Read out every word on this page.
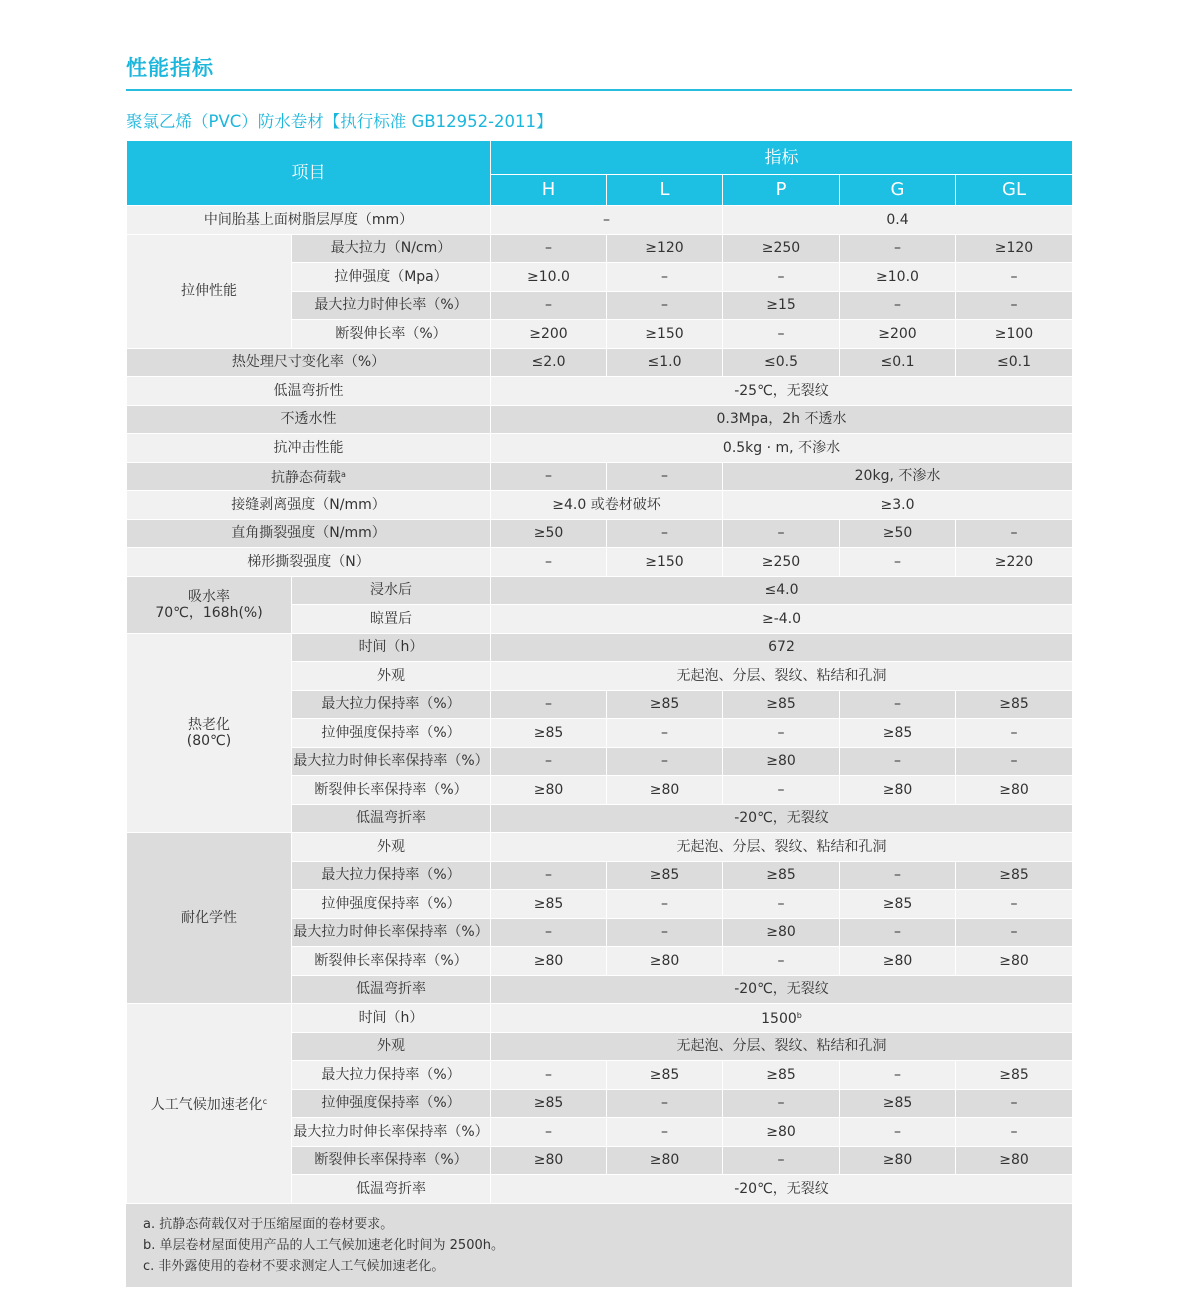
性能指标
聚氯乙烯（PVC）防水卷材【执行标准 GB12952-2011】
项目		指标				
		H	L	P	G	GL
中间胎基上面树脂层厚度（mm）		–		0.4		
拉伸性能	最大拉力（N/cm）	–	≥120	≥250	–	≥120
	拉伸强度（Mpa）	≥10.0	–	–	≥10.0	–
	最大拉力时伸长率（%）	–	–	≥15	–	–
	断裂伸长率（%）	≥200	≥150	–	≥200	≥100
热处理尺寸变化率（%）		≤2.0	≤1.0	≤0.5	≤0.1	≤0.1
低温弯折性		-25℃，无裂纹				
不透水性		0.3Mpa，2h 不透水				
抗冲击性能		0.5kg · m, 不渗水				
抗静态荷载$^a$		–	–	20kg, 不渗水		
接缝剥离强度（N/mm）		≥4.0 或卷材破坏		≥3.0		
直角撕裂强度（N/mm）		≥50	–	–	≥50	–
梯形撕裂强度（N）		–	≥150	≥250	–	≥220

吸水率
70℃，168h(%)	浸水后	≤4.0				
	晾置后	≥-4.0				

热老化
(80℃)	时间（h）	672				
	外观	无起泡、分层、裂纹、粘结和孔洞				
	最大拉力保持率（%）	–	≥85	≥85	–	≥85
	拉伸强度保持率（%）	≥85	–	–	≥85	–
	最大拉力时伸长率保持率（%）	–	–	≥80	–	–
	断裂伸长率保持率（%）	≥80	≥80	–	≥80	≥80
	低温弯折率	-20℃，无裂纹				
耐化学性	外观	无起泡、分层、裂纹、粘结和孔洞				
	最大拉力保持率（%）	–	≥85	≥85	–	≥85
	拉伸强度保持率（%）	≥85	–	–	≥85	–
	最大拉力时伸长率保持率（%）	–	–	≥80	–	–
	断裂伸长率保持率（%）	≥80	≥80	–	≥80	≥80
	低温弯折率	-20℃，无裂纹				
人工气候加速老化$^c$	时间（h）	1500$^b$
	外观	无起泡、分层、裂纹、粘结和孔洞				
	最大拉力保持率（%）	–	≥85	≥85	–	≥85
	拉伸强度保持率（%）	≥85	–	–	≥85	–
	最大拉力时伸长率保持率（%）	–	–	≥80	–	–
	断裂伸长率保持率（%）	≥80	≥80	–	≥80	≥80
	低温弯折率	-20℃，无裂纹				
a. 抗静态荷载仅对于压缩屋面的卷材要求。
b. 单层卷材屋面使用产品的人工气候加速老化时间为 2500h。
c. 非外露使用的卷材不要求测定人工气候加速老化。
